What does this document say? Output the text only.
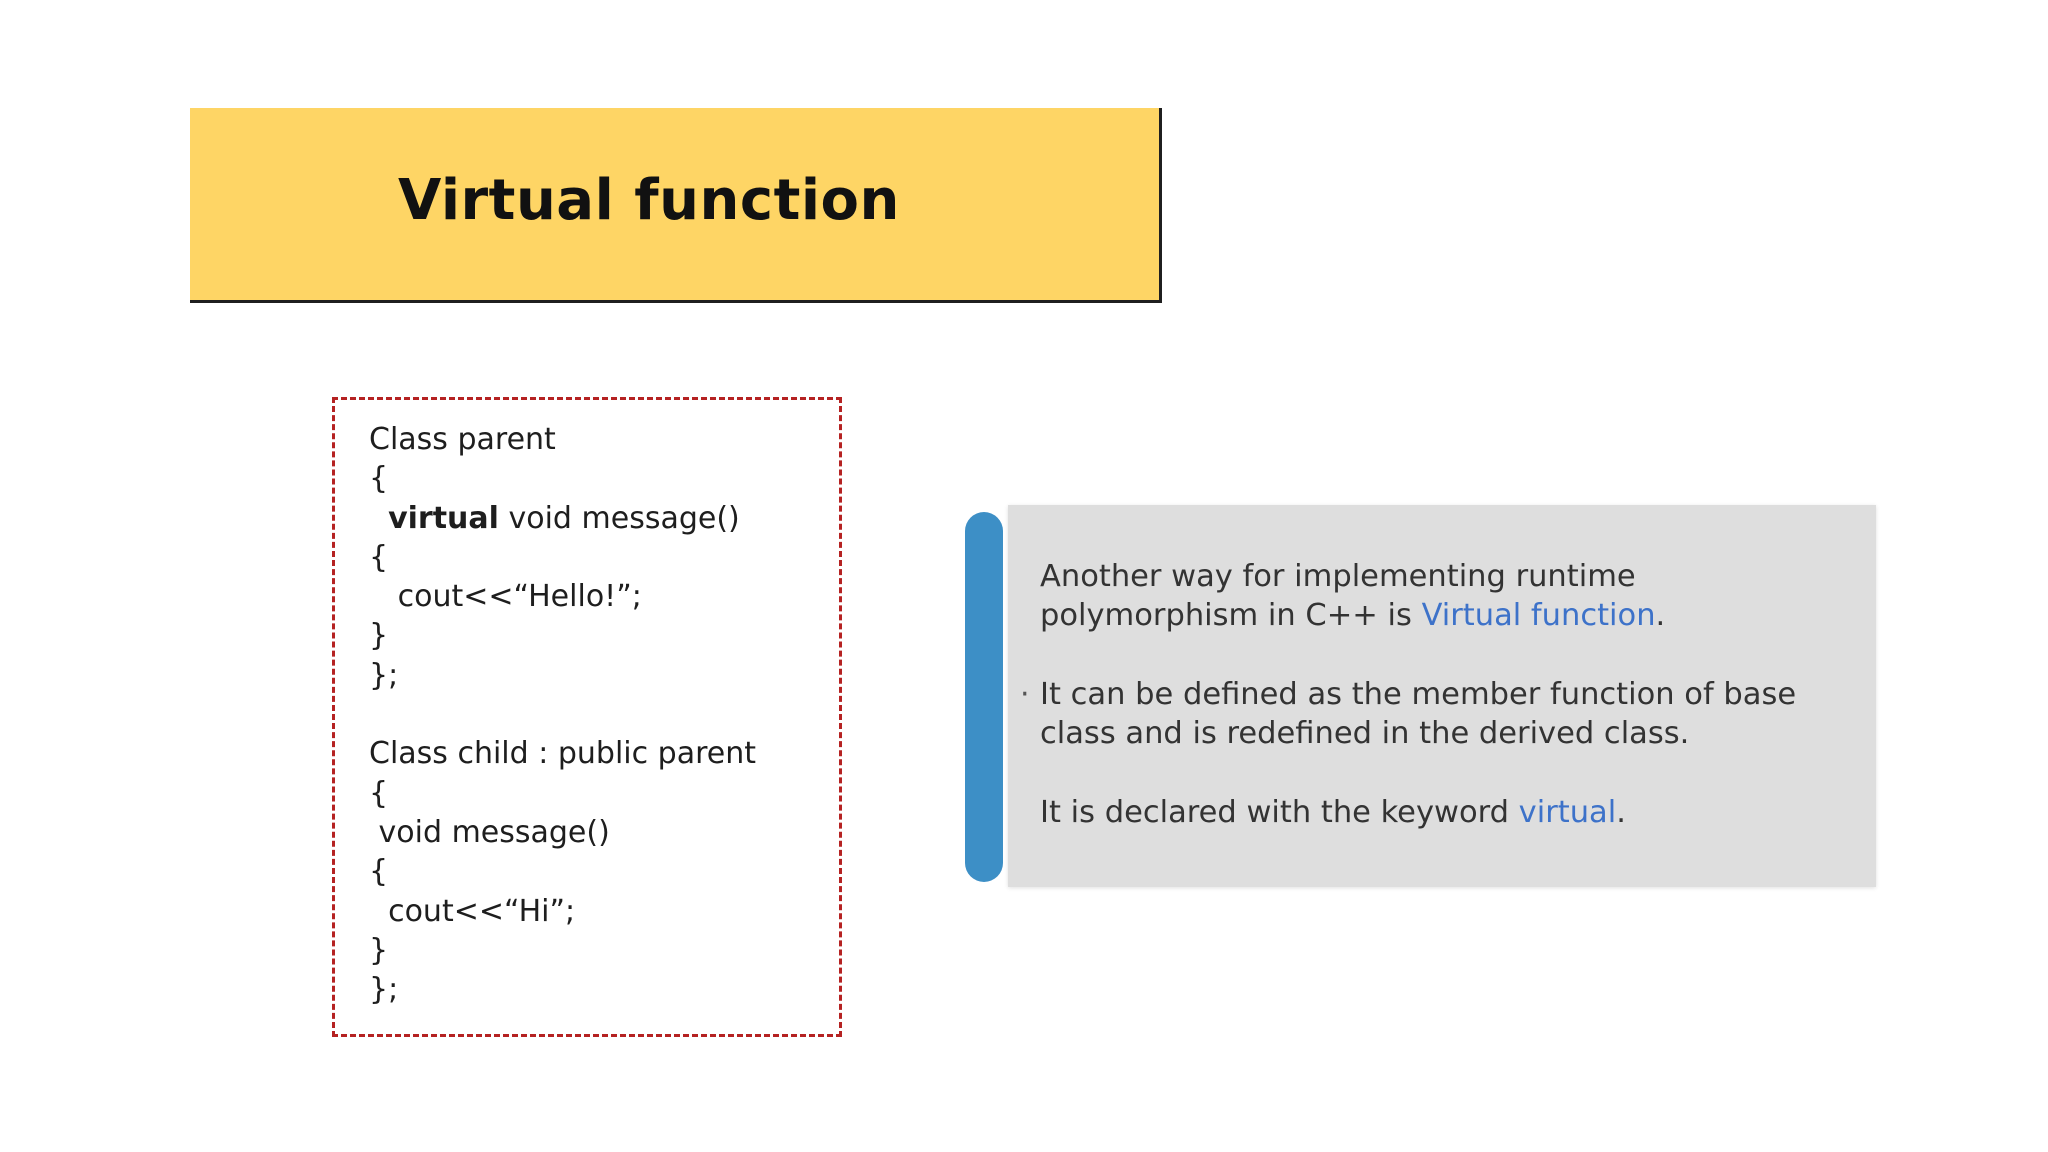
Virtual function
Class parent
{
virtual void message()
{
cout<<“Hello!”;
}
};
Class child : public parent
{
void message()
{
cout<<“Hi”;
}
};
Another way for implementing runtime polymorphism in C++ is Virtual function.
· It can be defined as the member function of base class and is redefined in the derived class.
It is declared with the keyword virtual.
